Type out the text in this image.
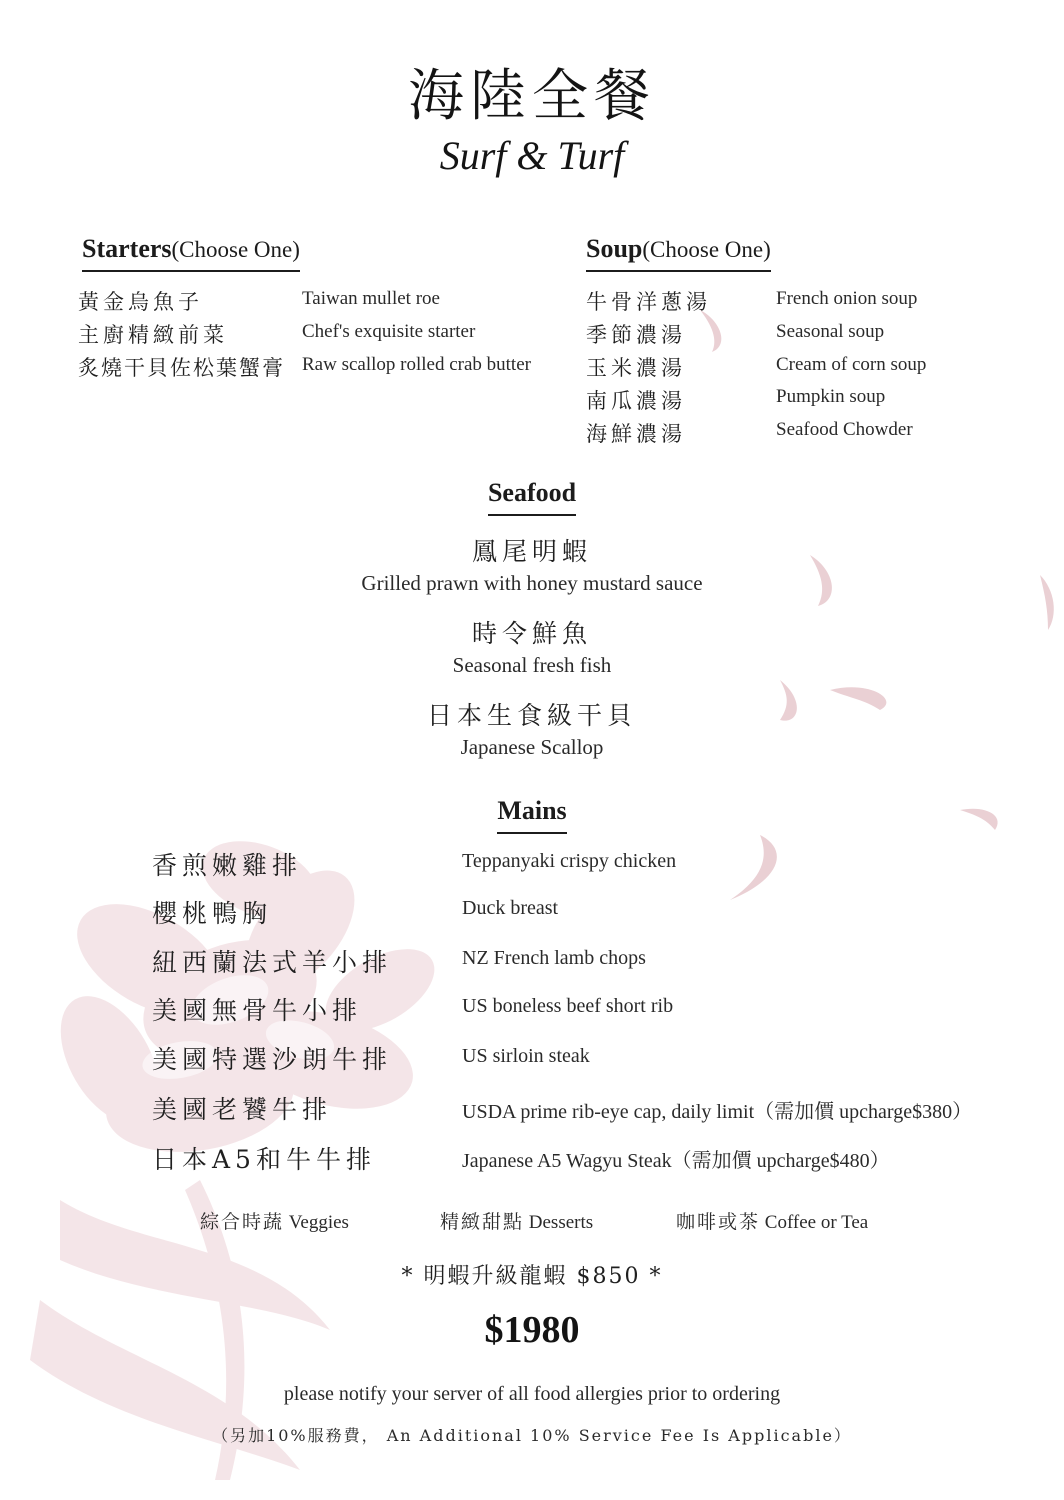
海陸全餐
Surf & Turf
Starters(Choose One)
黃金烏魚子	Taiwan mullet roe
主廚精緻前菜	Chef's exquisite starter
炙燒干貝佐松葉蟹膏 Raw scallop rolled crab butter
Soup(Choose One)
牛骨洋蔥湯	French onion soup
季節濃湯	Seasonal soup
玉米濃湯	Cream of corn soup
南瓜濃湯	Pumpkin soup
海鮮濃湯	Seafood Chowder
Seafood
鳳尾明蝦
Grilled prawn with honey mustard sauce
時令鮮魚
Seasonal fresh fish
日本生食級干貝
Japanese Scallop
Mains
香煎嫩雞排	Teppanyaki crispy chicken
櫻桃鴨胸	Duck breast
紐西蘭法式羊小排	NZ French lamb chops
美國無骨牛小排	US boneless beef short rib
美國特選沙朗牛排	US sirloin steak
美國老饕牛排	USDA prime rib-eye cap, daily limit（需加價 upcharge$380）
日本A5和牛牛排	Japanese A5 Wagyu Steak（需加價 upcharge$480）
綜合時蔬 Veggies	精緻甜點 Desserts	咖啡或茶 Coffee or Tea
* 明蝦升級龍蝦 $850 *
$1980
please notify your server of all food allergies prior to ordering
（另加10%服務費， An Additional 10% Service Fee Is Applicable）
